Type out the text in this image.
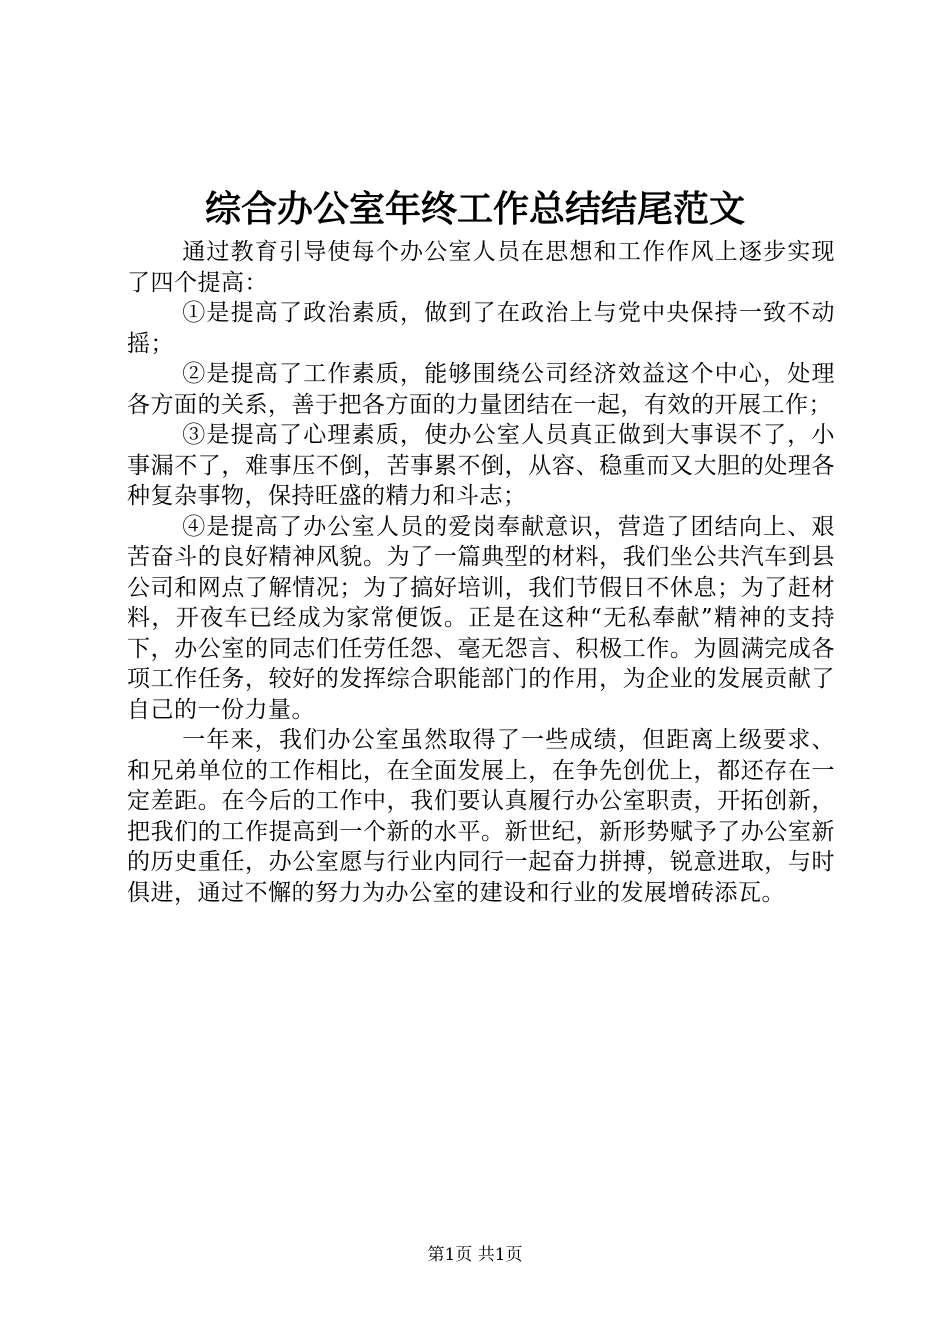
综合办公室年终工作总结结尾范文

通过教育引导使每个办公室人员在思想和工作作风上逐步实现了四个提高：

①是提高了政治素质，做到了在政治上与党中央保持一致不动摇；

②是提高了工作素质，能够围绕公司经济效益这个中心，处理各方面的关系，善于把各方面的力量团结在一起，有效的开展工作；

③是提高了心理素质，使办公室人员真正做到大事误不了，小事漏不了，难事压不倒，苦事累不倒，从容、稳重而又大胆的处理各种复杂事物，保持旺盛的精力和斗志；

④是提高了办公室人员的爱岗奉献意识，营造了团结向上、艰苦奋斗的良好精神风貌。为了一篇典型的材料，我们坐公共汽车到县公司和网点了解情况；为了搞好培训，我们节假日不休息；为了赶材料，开夜车已经成为家常便饭。正是在这种“无私奉献”精神的支持下，办公室的同志们任劳任怨、毫无怨言、积极工作。为圆满完成各项工作任务，较好的发挥综合职能部门的作用，为企业的发展贡献了自己的一份力量。

一年来，我们办公室虽然取得了一些成绩，但距离上级要求、和兄弟单位的工作相比，在全面发展上，在争先创优上，都还存在一定差距。在今后的工作中，我们要认真履行办公室职责，开拓创新，把我们的工作提高到一个新的水平。新世纪，新形势赋予了办公室新的历史重任，办公室愿与行业内同行一起奋力拼搏，锐意进取，与时俱进，通过不懈的努力为办公室的建设和行业的发展增砖添瓦。

第1页 共1页
